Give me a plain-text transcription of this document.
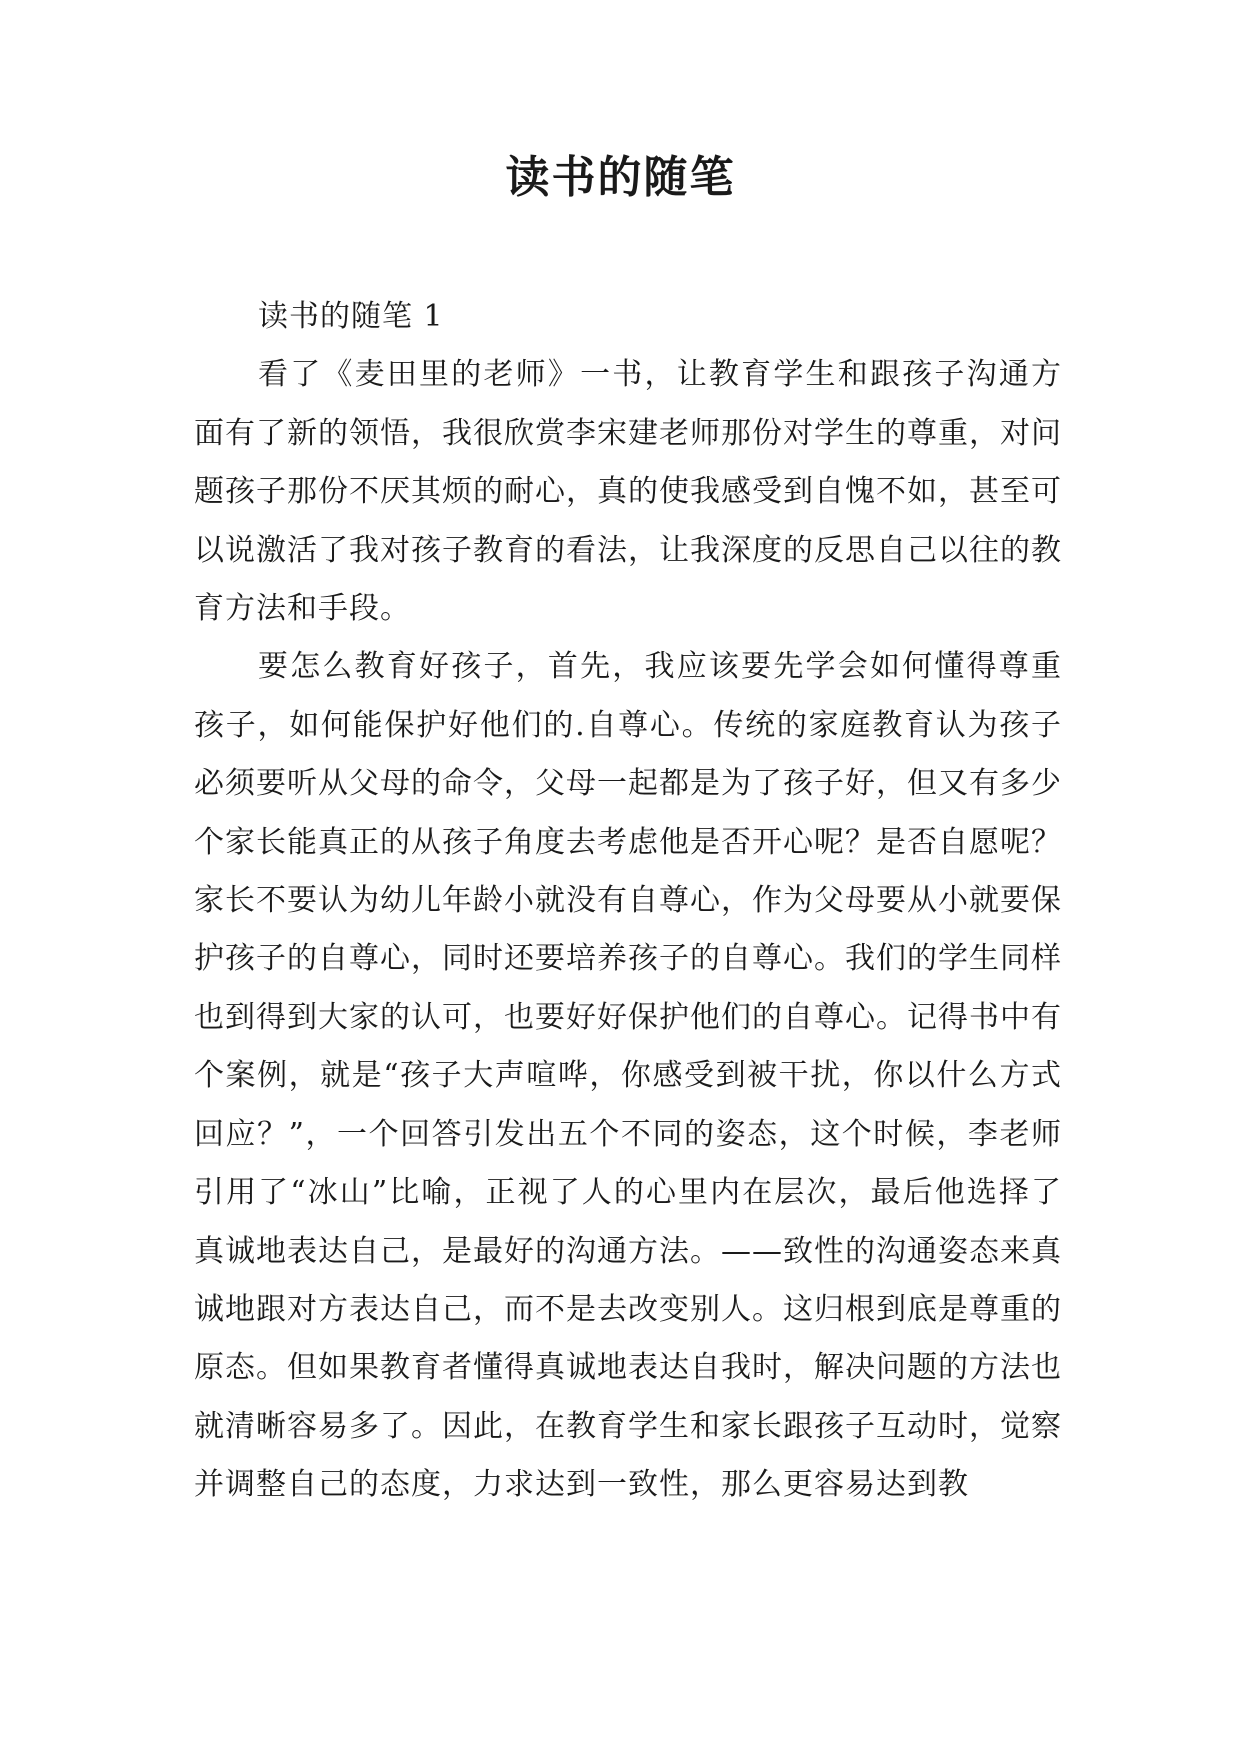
读书的随笔

读书的随笔 1

看了《麦田里的老师》一书，让教育学生和跟孩子沟通方面有了新的领悟，我很欣赏李宋建老师那份对学生的尊重，对问题孩子那份不厌其烦的耐心，真的使我感受到自愧不如，甚至可以说激活了我对孩子教育的看法，让我深度的反思自己以往的教育方法和手段。

要怎么教育好孩子，首先，我应该要先学会如何懂得尊重孩子，如何能保护好他们的.自尊心。传统的家庭教育认为孩子必须要听从父母的命令，父母一起都是为了孩子好，但又有多少个家长能真正的从孩子角度去考虑他是否开心呢？是否自愿呢？家长不要认为幼儿年龄小就没有自尊心，作为父母要从小就要保护孩子的自尊心，同时还要培养孩子的自尊心。我们的学生同样也到得到大家的认可，也要好好保护他们的自尊心。记得书中有个案例，就是“孩子大声喧哗，你感受到被干扰，你以什么方式回应？”，一个回答引发出五个不同的姿态，这个时候，李老师引用了“冰山”比喻，正视了人的心里内在层次，最后他选择了真诚地表达自己，是最好的沟通方法。——致性的沟通姿态来真诚地跟对方表达自己，而不是去改变别人。这归根到底是尊重的原态。但如果教育者懂得真诚地表达自我时，解决问题的方法也就清晰容易多了。因此，在教育学生和家长跟孩子互动时，觉察并调整自己的态度，力求达到一致性，那么更容易达到教
